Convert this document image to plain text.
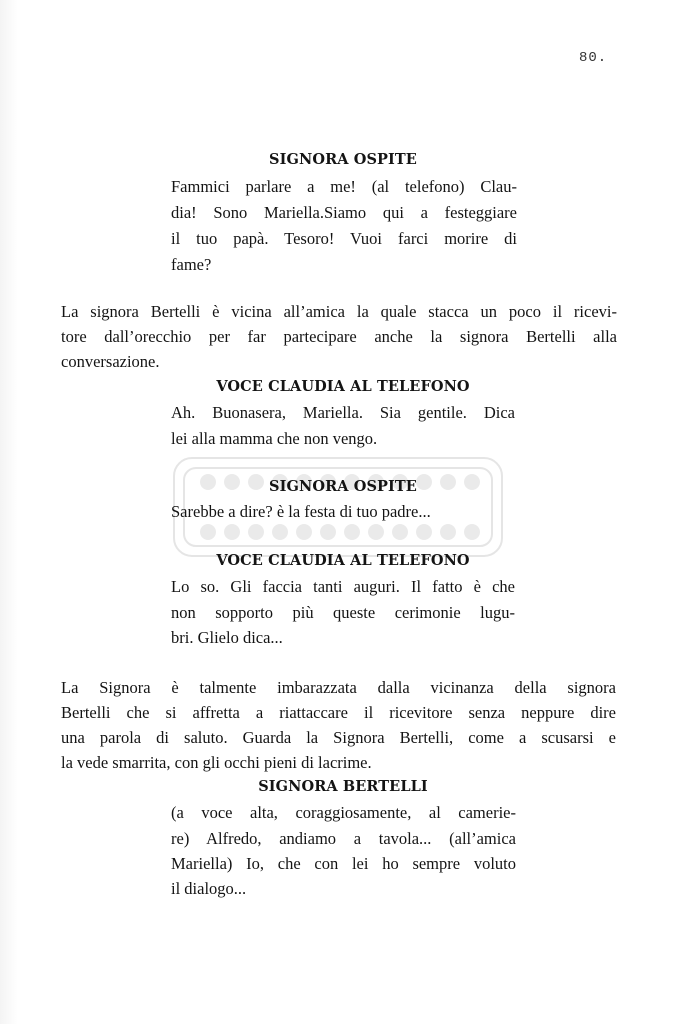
80.
SIGNORA OSPITE
Fammici parlare a me! (al telefono) Clau-
dia! Sono Mariella.Siamo qui a festeggiare
il tuo papà. Tesoro! Vuoi farci morire di
fame?
La signora Bertelli è vicina all’amica la quale stacca un poco il ricevi-
tore dall’orecchio per far partecipare anche la signora Bertelli alla
conversazione.
VOCE CLAUDIA AL TELEFONO
Ah. Buonasera, Mariella. Sia gentile. Dica
lei alla mamma che non vengo.
SIGNORA OSPITE
Sarebbe a dire? è la festa di tuo padre...
VOCE CLAUDIA AL TELEFONO
Lo so. Gli faccia tanti auguri. Il fatto è che
non sopporto più queste cerimonie lugu-
bri. Glielo dica...
La Signora è talmente imbarazzata dalla vicinanza della signora
Bertelli che si affretta a riattaccare il ricevitore senza neppure dire
una parola di saluto. Guarda la Signora Bertelli, come a scusarsi e
la vede smarrita, con gli occhi pieni di lacrime.
SIGNORA BERTELLI
(a voce alta, coraggiosamente, al camerie-
re) Alfredo, andiamo a tavola... (all’amica
Mariella) Io, che con lei ho sempre voluto
il dialogo...
